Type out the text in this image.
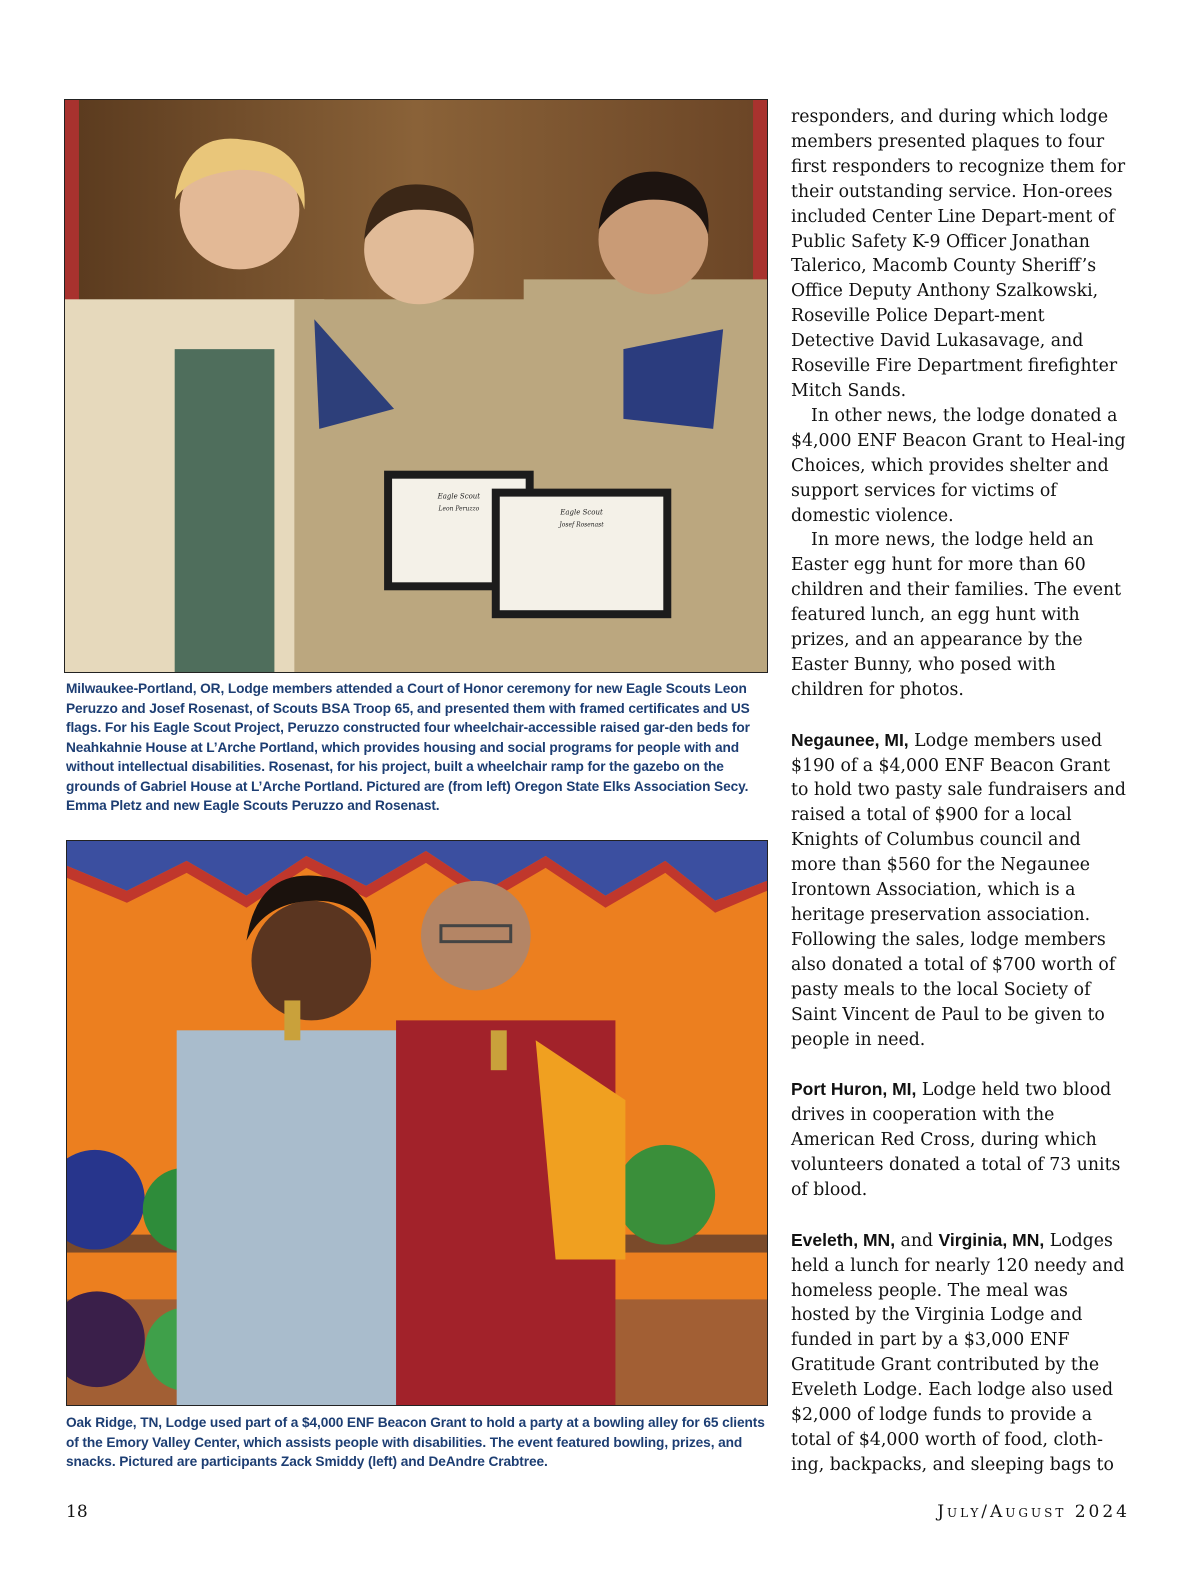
Eagle Scout
Leon Peruzzo	Eagle Scout
Josef Rosenast
Milwaukee-Portland, OR, Lodge members attended a Court of Honor ceremony for new Eagle Scouts Leon Peruzzo and Josef Rosenast, of Scouts BSA Troop 65, and presented them with framed certificates and US flags. For his Eagle Scout Project, Peruzzo constructed four wheelchair-accessible raised gar-den beds for Neahkahnie House at L’Arche Portland, which provides housing and social programs for people with and without intellectual disabilities. Rosenast, for his project, built a wheelchair ramp for the gazebo on the grounds of Gabriel House at L’Arche Portland. Pictured are (from left) Oregon State Elks Association Secy. Emma Pletz and new Eagle Scouts Peruzzo and Rosenast.
Oak Ridge, TN, Lodge used part of a $4,000 ENF Beacon Grant to hold a party at a bowling alley for 65 clients of the Emory Valley Center, which assists people with disabilities. The event featured bowling, prizes, and snacks. Pictured are participants Zack Smiddy (left) and DeAndre Crabtree.

responders, and during which lodge members presented plaques to four first responders to recognize them for their outstanding service. Hon-orees included Center Line Depart-ment of Public Safety K-9 Officer Jonathan Talerico, Macomb County Sheriff’s Office Deputy Anthony Szalkowski, Roseville Police Depart-ment Detective David Lukasavage, and Roseville Fire Department firefighter Mitch Sands.

In other news, the lodge donated a $4,000 ENF Beacon Grant to Heal-ing Choices, which provides shelter and support services for victims of domestic violence.

In more news, the lodge held an Easter egg hunt for more than 60 children and their families. The event featured lunch, an egg hunt with prizes, and an appearance by the Easter Bunny, who posed with children for photos.

Negaunee, MI, Lodge members used $190 of a $4,000 ENF Beacon Grant to hold two pasty sale fundraisers and raised a total of $900 for a local Knights of Columbus council and more than $560 for the Negaunee Irontown Association, which is a heritage preservation association. Following the sales, lodge members also donated a total of $700 worth of pasty meals to the local Society of Saint Vincent de Paul to be given to people in need.

Port Huron, MI, Lodge held two blood drives in cooperation with the American Red Cross, during which volunteers donated a total of 73 units of blood.

Eveleth, MN, and Virginia, MN, Lodges held a lunch for nearly 120 needy and homeless people. The meal was hosted by the Virginia Lodge and funded in part by a $3,000 ENF Gratitude Grant contributed by the Eveleth Lodge. Each lodge also used $2,000 of lodge funds to provide a total of $4,000 worth of food, cloth-ing, backpacks, and sleeping bags to

18	July/August 2024
